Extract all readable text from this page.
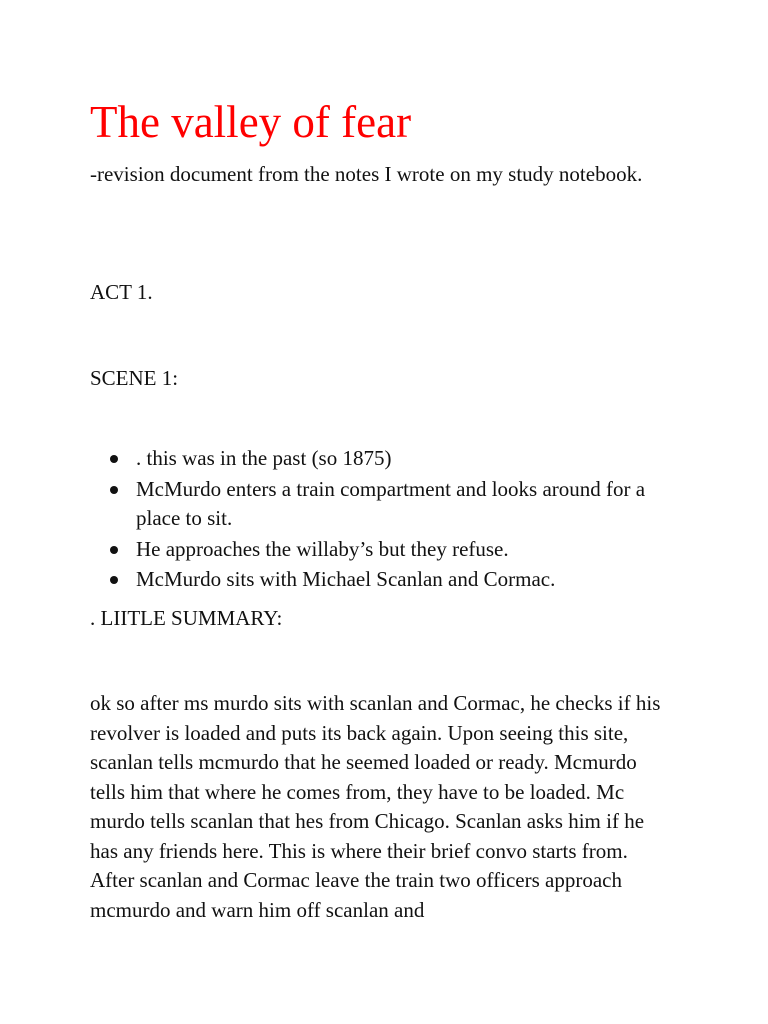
The valley of fear

-revision document from the notes I wrote on my study notebook.

ACT 1.

SCENE 1:

. this was in the past (so 1875)
McMurdo enters a train compartment and looks around for a place to sit.
He approaches the willaby’s but they refuse.
McMurdo sits with Michael Scanlan and Cormac.

. LIITLE SUMMARY:

ok so after ms murdo sits with scanlan and Cormac, he checks if his revolver is loaded and puts its back again. Upon seeing this site, scanlan tells mcmurdo that he seemed loaded or ready. Mcmurdo tells him that where he comes from, they have to be loaded. Mc murdo tells scanlan that hes from Chicago. Scanlan asks him if he has any friends here. This is where their brief convo starts from. After scanlan and Cormac leave the train two officers approach mcmurdo and warn him off scanlan and
